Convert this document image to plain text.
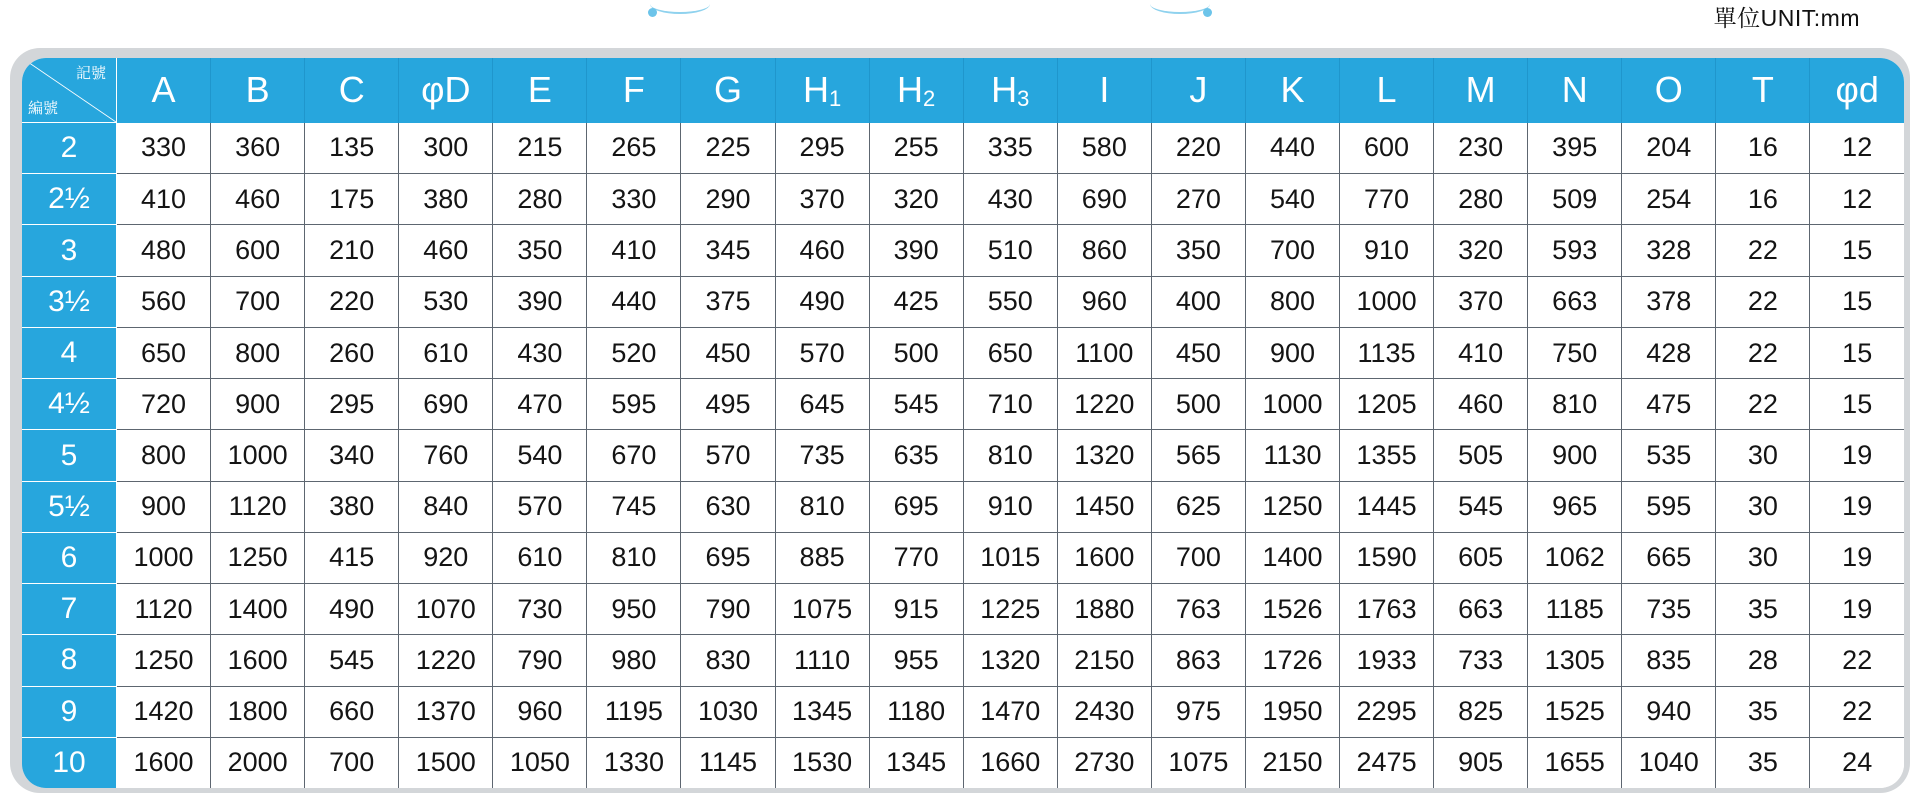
單位UNIT:mm
記號
編號	A	B	C	φD	E	F	G	H1	H2	H3	I	J	K	L	M	N	O	T	φd
2	330	360	135	300	215	265	225	295	255	335	580	220	440	600	230	395	204	16	12
2½	410	460	175	380	280	330	290	370	320	430	690	270	540	770	280	509	254	16	12
3	480	600	210	460	350	410	345	460	390	510	860	350	700	910	320	593	328	22	15
3½	560	700	220	530	390	440	375	490	425	550	960	400	800	1000	370	663	378	22	15
4	650	800	260	610	430	520	450	570	500	650	1100	450	900	1135	410	750	428	22	15
4½	720	900	295	690	470	595	495	645	545	710	1220	500	1000	1205	460	810	475	22	15
5	800	1000	340	760	540	670	570	735	635	810	1320	565	1130	1355	505	900	535	30	19
5½	900	1120	380	840	570	745	630	810	695	910	1450	625	1250	1445	545	965	595	30	19
6	1000	1250	415	920	610	810	695	885	770	1015	1600	700	1400	1590	605	1062	665	30	19
7	1120	1400	490	1070	730	950	790	1075	915	1225	1880	763	1526	1763	663	1185	735	35	19
8	1250	1600	545	1220	790	980	830	1110	955	1320	2150	863	1726	1933	733	1305	835	28	22
9	1420	1800	660	1370	960	1195	1030	1345	1180	1470	2430	975	1950	2295	825	1525	940	35	22
10	1600	2000	700	1500	1050	1330	1145	1530	1345	1660	2730	1075	2150	2475	905	1655	1040	35	24
